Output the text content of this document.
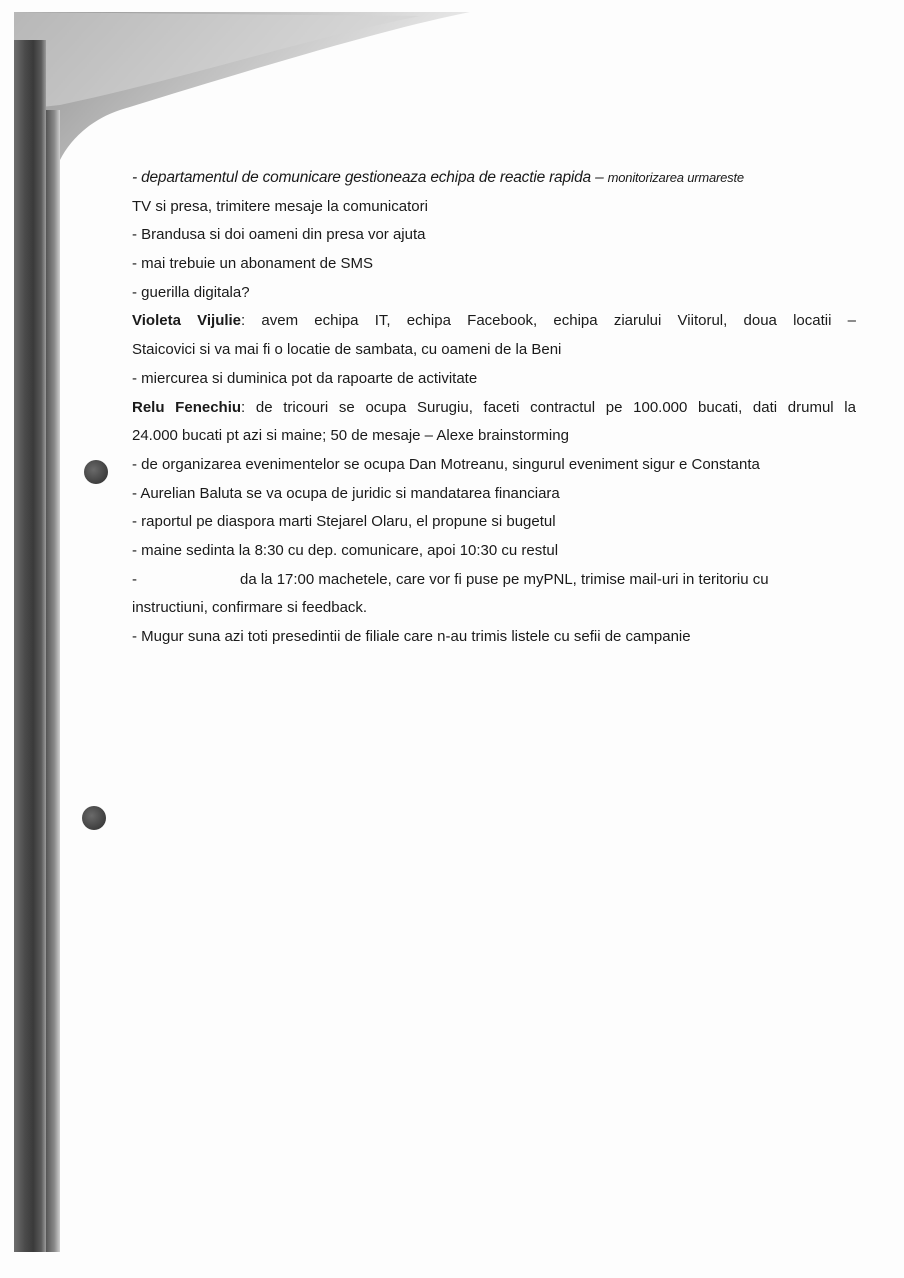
- departamentul de comunicare gestioneaza echipa de reactie rapida – monitorizarea urmareste
TV si presa, trimitere mesaje la comunicatori
- Brandusa si doi oameni din presa vor ajuta
- mai trebuie un abonament de SMS
- guerilla digitala?
Violeta Vijulie: avem echipa IT, echipa Facebook, echipa ziarului Viitorul, doua locatii –
Staicovici si va mai fi o locatie de sambata, cu oameni de la Beni
- miercurea si duminica pot da rapoarte de activitate
Relu Fenechiu: de tricouri se ocupa Surugiu, faceti contractul pe 100.000 bucati, dati drumul la
24.000 bucati pt azi si maine; 50 de mesaje – Alexe brainstorming
- de organizarea evenimentelor se ocupa Dan Motreanu, singurul eveniment sigur e Constanta
- Aurelian Baluta se va ocupa de juridic si mandatarea financiara
- raportul pe diaspora marti Stejarel Olaru, el propune si bugetul
- maine sedinta la 8:30 cu dep. comunicare, apoi 10:30 cu restul
-	da la 17:00 machetele, care vor fi puse pe myPNL, trimise mail-uri in teritoriu cu
instructiuni, confirmare si feedback.
- Mugur suna azi toti presedintii de filiale care n-au trimis listele cu sefii de campanie
